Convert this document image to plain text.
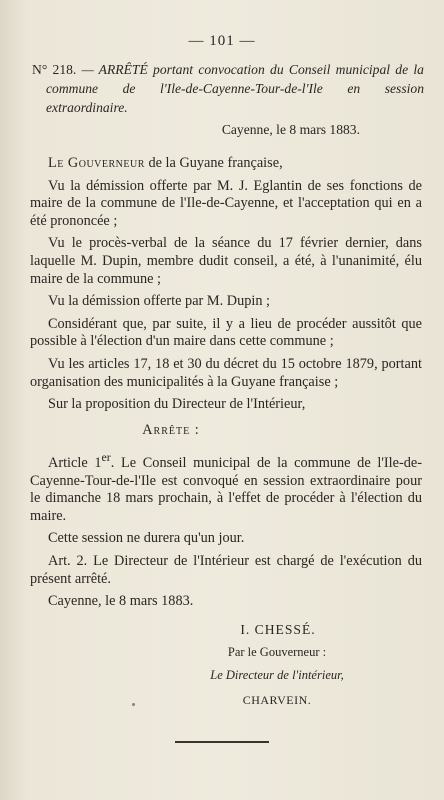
— 101 —
N° 218. — ARRÊTÉ portant convocation du Conseil municipal de la commune de l'Ile-de-Cayenne-Tour-de-l'Ile en session extraordinaire.
Cayenne, le 8 mars 1883.

Le Gouverneur de la Guyane française,

Vu la démission offerte par M. J. Eglantin de ses fonctions de maire de la commune de l'Ile-de-Cayenne, et l'acceptation qui en a été prononcée ;

Vu le procès-verbal de la séance du 17 février dernier, dans laquelle M. Dupin, membre dudit conseil, a été, à l'unanimité, élu maire de la commune ;

Vu la démission offerte par M. Dupin ;

Considérant que, par suite, il y a lieu de procéder aussitôt que possible à l'élection d'un maire dans cette commune ;

Vu les articles 17, 18 et 30 du décret du 15 octobre 1879, portant organisation des municipalités à la Guyane française ;

Sur la proposition du Directeur de l'Intérieur,

Arrête :

Article 1er. Le Conseil municipal de la commune de l'Ile-de-Cayenne-Tour-de-l'Ile est convoqué en session extraordinaire pour le dimanche 18 mars prochain, à l'effet de procéder à l'élection du maire.

Cette session ne durera qu'un jour.

Art. 2. Le Directeur de l'Intérieur est chargé de l'exécution du présent arrêté.

Cayenne, le 8 mars 1883.

I. CHESSÉ.
Par le Gouverneur :
Le Directeur de l'intérieur,
CHARVEIN.
